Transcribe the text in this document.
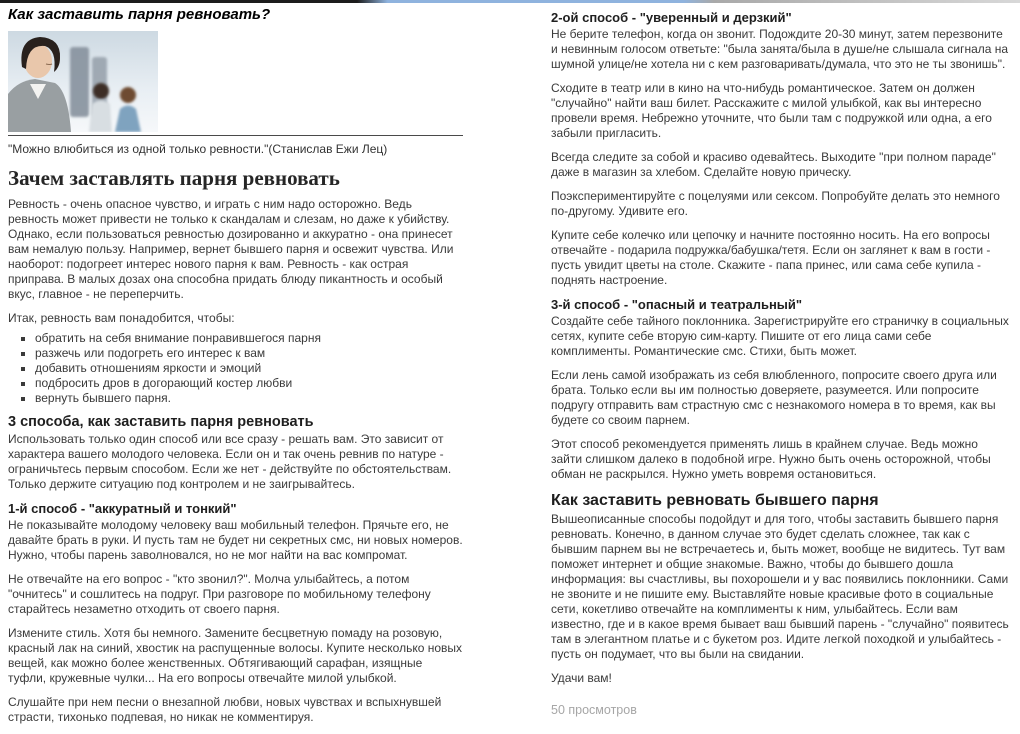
Как заставить парня ревновать?
"Можно влюбиться из одной только ревности."(Станислав Ежи Лец)
Зачем заставлять парня ревновать

Ревность - очень опасное чувство, и играть с ним надо осторожно. Ведь ревность может привести не только к скандалам и слезам, но даже к убийству. Однако, если пользоваться ревностью дозированно и аккуратно - она принесет вам немалую пользу. Например, вернет бывшего парня и освежит чувства. Или наоборот: подогреет интерес нового парня к вам. Ревность - как острая приправа. В малых дозах она способна придать блюду пикантность и особый вкус, главное - не переперчить.

Итак, ревность вам понадобится, чтобы:

▪ обратить на себя внимание понравившегося парня
▪ разжечь или подогреть его интерес к вам
▪ добавить отношениям яркости и эмоций
▪ подбросить дров в догорающий костер любви
▪ вернуть бывшего парня.
3 способа, как заставить парня ревновать

Использовать только один способ или все сразу - решать вам. Это зависит от характера вашего молодого человека. Если он и так очень ревнив по натуре - ограничьтесь первым способом. Если же нет - действуйте по обстоятельствам. Только держите ситуацию под контролем и не заигрывайтесь.

1-й способ - "аккуратный и тонкий"

Не показывайте молодому человеку ваш мобильный телефон. Прячьте его, не давайте брать в руки. И пусть там не будет ни секретных смс, ни новых номеров. Нужно, чтобы парень заволновался, но не мог найти на вас компромат.

Не отвечайте на его вопрос - "кто звонил?". Молча улыбайтесь, а потом "очнитесь" и сошлитесь на подруг. При разговоре по мобильному телефону старайтесь незаметно отходить от своего парня.

Измените стиль. Хотя бы немного. Замените бесцветную помаду на розовую, красный лак на синий, хвостик на распущенные волосы. Купите несколько новых вещей, как можно более женственных. Обтягивающий сарафан, изящные туфли, кружевные чулки... На его вопросы отвечайте милой улыбкой.

Слушайте при нем песни о внезапной любви, новых чувствах и вспыхнувшей страсти, тихонько подпевая, но никак не комментируя.

2-ой способ - "уверенный и дерзкий"

Не берите телефон, когда он звонит. Подождите 20-30 минут, затем перезвоните и невинным голосом ответьте: "была занята/была в душе/не слышала сигнала на шумной улице/не хотела ни с кем разговаривать/думала, что это не ты звонишь".

Сходите в театр или в кино на что-нибудь романтическое. Затем он должен "случайно" найти ваш билет. Расскажите с милой улыбкой, как вы интересно провели время. Небрежно уточните, что были там с подружкой или одна, а его забыли пригласить.

Всегда следите за собой и красиво одевайтесь. Выходите "при полном параде" даже в магазин за хлебом. Сделайте новую прическу.

Поэкспериментируйте с поцелуями или сексом. Попробуйте делать это немного по-другому. Удивите его.

Купите себе колечко или цепочку и начните постоянно носить. На его вопросы отвечайте - подарила подружка/бабушка/тетя. Если он заглянет к вам в гости - пусть увидит цветы на столе. Скажите - папа принес, или сама себе купила - поднять настроение.

3-й способ - "опасный и театральный"

Создайте себе тайного поклонника. Зарегистрируйте его страничку в социальных сетях, купите себе вторую сим-карту. Пишите от его лица сами себе комплименты. Романтические смс. Стихи, быть может.

Если лень самой изображать из себя влюбленного, попросите своего друга или брата. Только если вы им полностью доверяете, разумеется. Или попросите подругу отправить вам страстную смс с незнакомого номера в то время, как вы будете со своим парнем.

Этот способ рекомендуется применять лишь в крайнем случае. Ведь можно зайти слишком далеко в подобной игре. Нужно быть очень осторожной, чтобы обман не раскрылся. Нужно уметь вовремя остановиться.

Как заставить ревновать бывшего парня

Вышеописанные способы подойдут и для того, чтобы заставить бывшего парня ревновать. Конечно, в данном случае это будет сделать сложнее, так как с бывшим парнем вы не встречаетесь и, быть может, вообще не видитесь. Тут вам поможет интернет и общие знакомые. Важно, чтобы до бывшего дошла информация: вы счастливы, вы похорошели и у вас появились поклонники. Сами не звоните и не пишите ему. Выставляйте новые красивые фото в социальные сети, кокетливо отвечайте на комплименты к ним, улыбайтесь. Если вам известно, где и в какое время бывает ваш бывший парень - "случайно" появитесь там в элегантном платье и с букетом роз. Идите легкой походкой и улыбайтесь - пусть он подумает, что вы были на свидании.

Удачи вам!

50 просмотров
